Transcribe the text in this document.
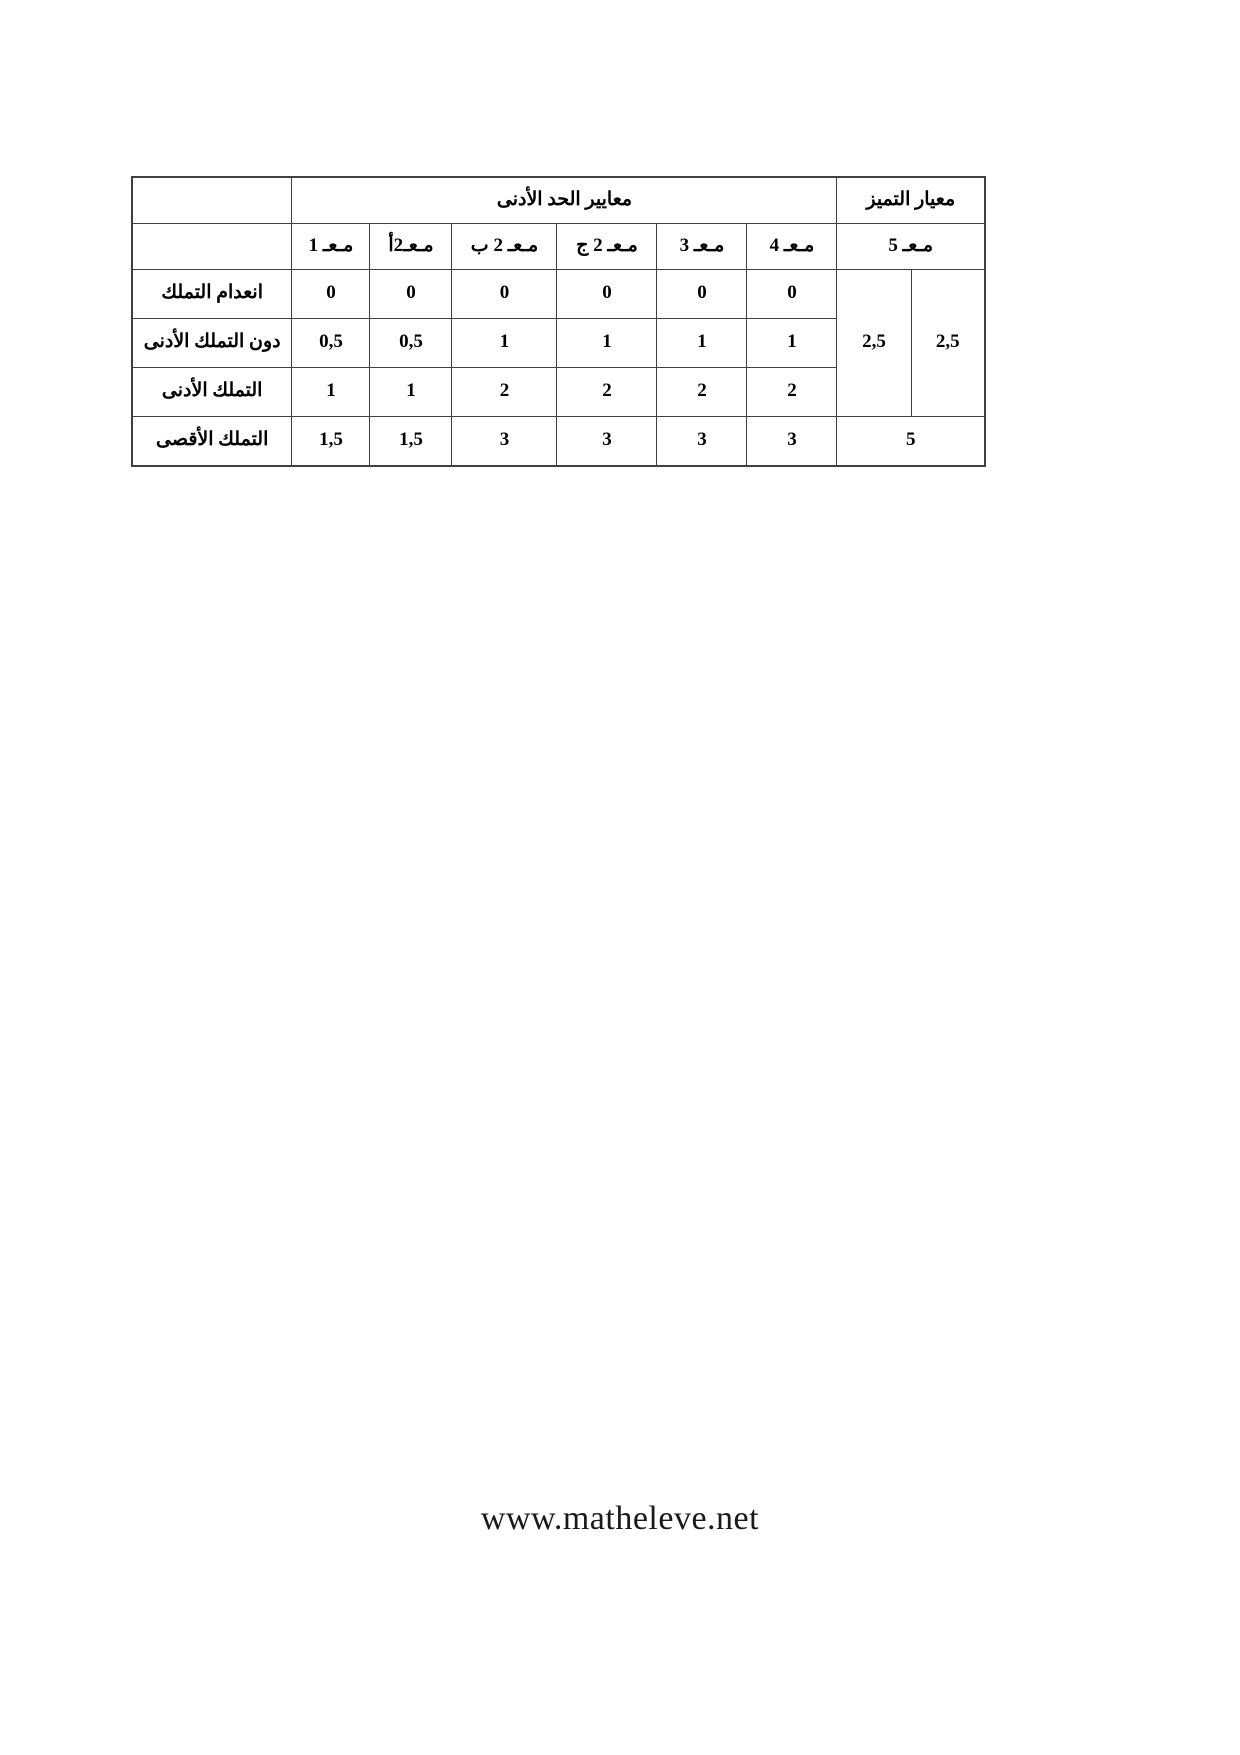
معيار التميز		معايير الحد الأدنى						
مـعـ 5		مـعـ 4	مـعـ 3	مـعـ 2 ج	مـعـ 2 ب	مـعـ2أ	مـعـ 1	
2,5	2,5	0	0	0	0	0	0	انعدام التملك
		1	1	1	1	0,5	0,5	دون التملك الأدنى
		2	2	2	2	1	1	التملك الأدنى
5		3	3	3	3	1,5	1,5	التملك الأقصى
www.matheleve.net
